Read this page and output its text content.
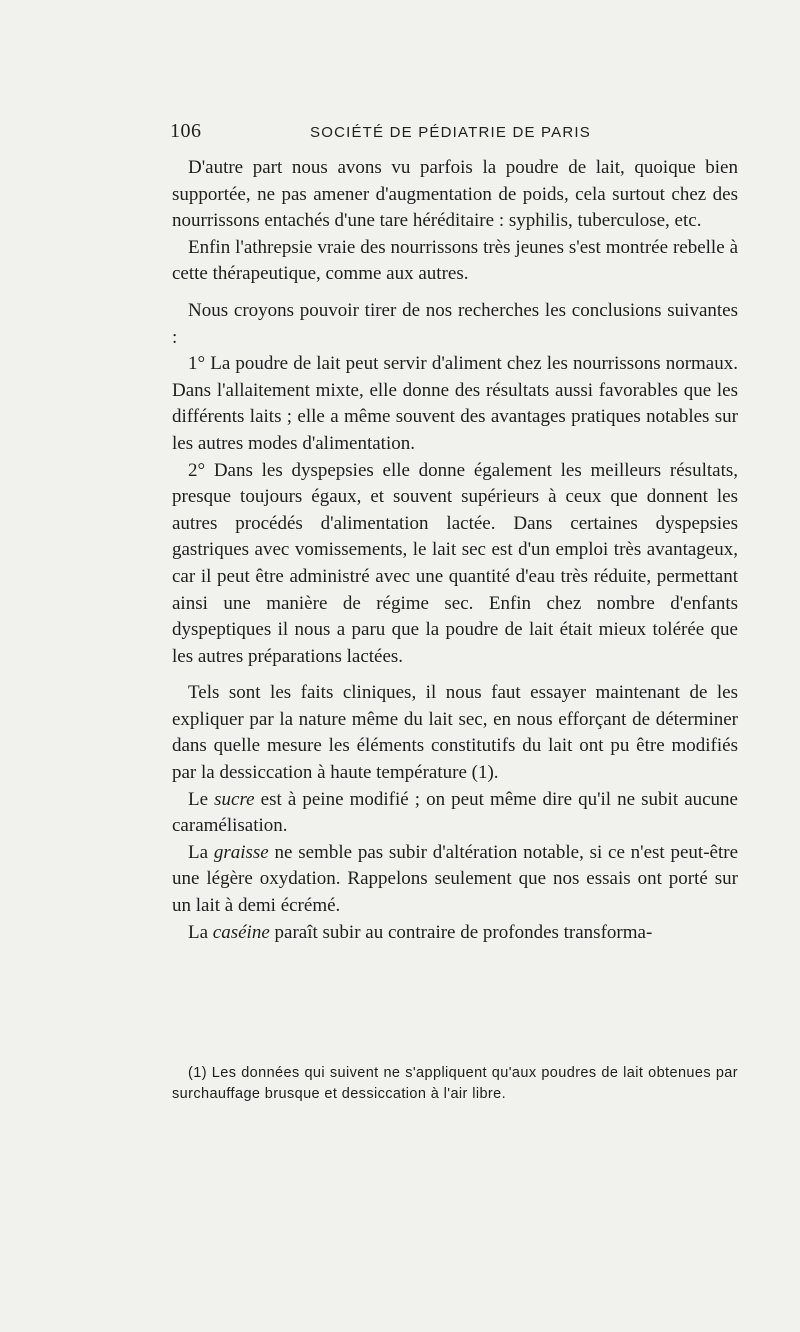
106	SOCIÉTÉ DE PÉDIATRIE DE PARIS

D'autre part nous avons vu parfois la poudre de lait, quoique bien supportée, ne pas amener d'augmentation de poids, cela surtout chez des nourrissons entachés d'une tare héréditaire : syphilis, tuberculose, etc.

Enfin l'athrepsie vraie des nourrissons très jeunes s'est montrée rebelle à cette thérapeutique, comme aux autres.

Nous croyons pouvoir tirer de nos recherches les conclusions suivantes :

1° La poudre de lait peut servir d'aliment chez les nourrissons normaux. Dans l'allaitement mixte, elle donne des résultats aussi favorables que les différents laits ; elle a même souvent des avantages pratiques notables sur les autres modes d'alimentation.

2° Dans les dyspepsies elle donne également les meilleurs résultats, presque toujours égaux, et souvent supérieurs à ceux que donnent les autres procédés d'alimentation lactée. Dans certaines dyspepsies gastriques avec vomissements, le lait sec est d'un emploi très avantageux, car il peut être administré avec une quantité d'eau très réduite, permettant ainsi une manière de régime sec. Enfin chez nombre d'enfants dyspeptiques il nous a paru que la poudre de lait était mieux tolérée que les autres préparations lactées.

Tels sont les faits cliniques, il nous faut essayer maintenant de les expliquer par la nature même du lait sec, en nous efforçant de déterminer dans quelle mesure les éléments constitutifs du lait ont pu être modifiés par la dessiccation à haute température (1).

Le sucre est à peine modifié ; on peut même dire qu'il ne subit aucune caramélisation.

La graisse ne semble pas subir d'altération notable, si ce n'est peut-être une légère oxydation. Rappelons seulement que nos essais ont porté sur un lait à demi écrémé.

La caséine paraît subir au contraire de profondes transforma-

(1) Les données qui suivent ne s'appliquent qu'aux poudres de lait obtenues par surchauffage brusque et dessiccation à l'air libre.
